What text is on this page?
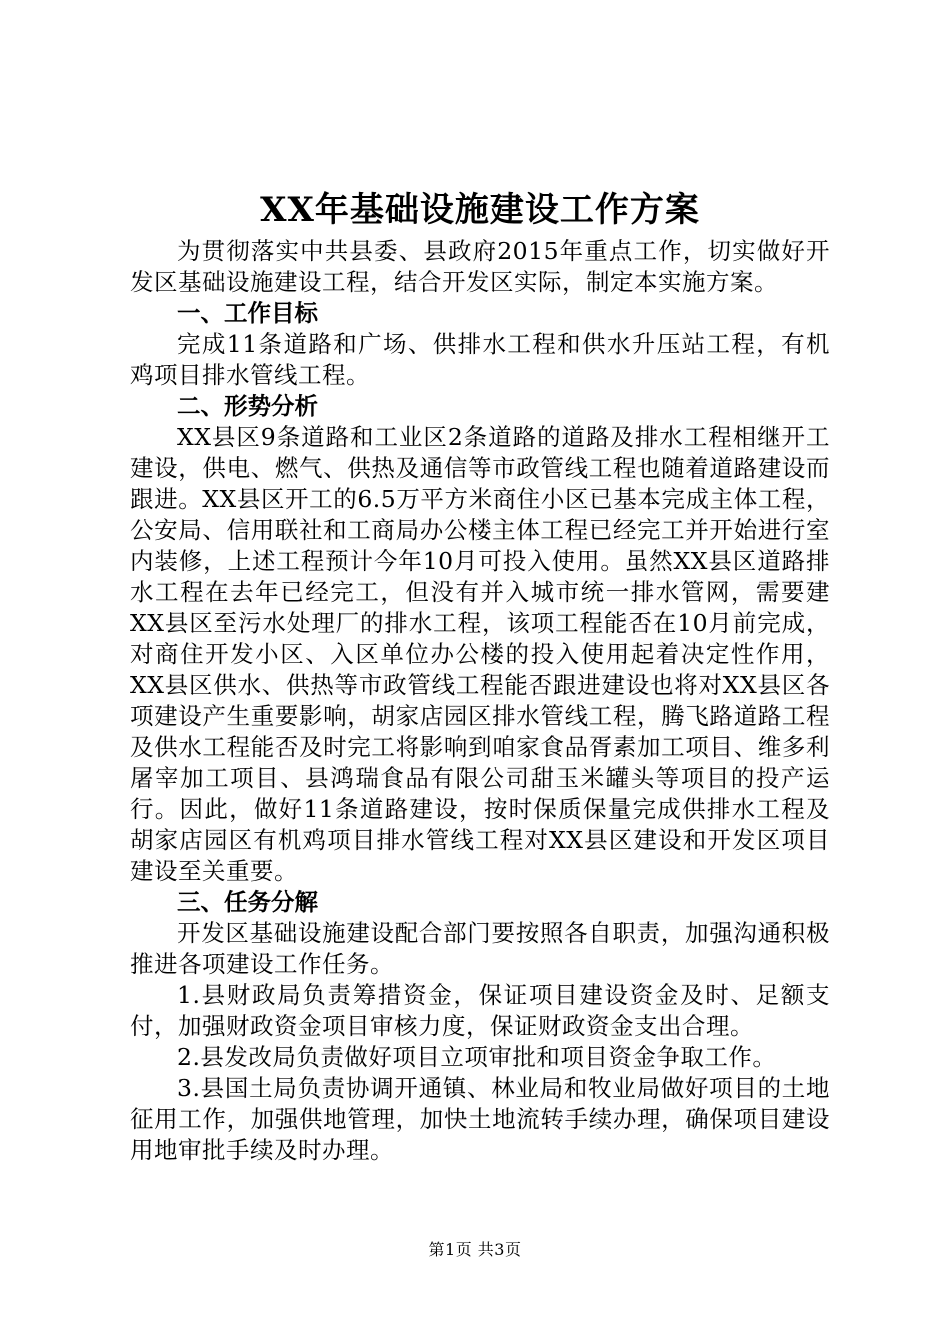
XX年基础设施建设工作方案

为贯彻落实中共县委、县政府2015年重点工作，切实做好开发区基础设施建设工程，结合开发区实际，制定本实施方案。

一、工作目标

完成11条道路和广场、供排水工程和供水升压站工程，有机鸡项目排水管线工程。

二、形势分析

XX县区9条道路和工业区2条道路的道路及排水工程相继开工建设，供电、燃气、供热及通信等市政管线工程也随着道路建设而跟进。XX县区开工的6.5万平方米商住小区已基本完成主体工程，公安局、信用联社和工商局办公楼主体工程已经完工并开始进行室内装修，上述工程预计今年10月可投入使用。虽然XX县区道路排水工程在去年已经完工，但没有并入城市统一排水管网，需要建XX县区至污水处理厂的排水工程，该项工程能否在10月前完成，对商住开发小区、入区单位办公楼的投入使用起着决定性作用，XX县区供水、供热等市政管线工程能否跟进建设也将对XX县区各项建设产生重要影响，胡家店园区排水管线工程，腾飞路道路工程及供水工程能否及时完工将影响到咱家食品胥素加工项目、维多利屠宰加工项目、县鸿瑞食品有限公司甜玉米罐头等项目的投产运行。因此，做好11条道路建设，按时保质保量完成供排水工程及胡家店园区有机鸡项目排水管线工程对XX县区建设和开发区项目建设至关重要。

三、任务分解

开发区基础设施建设配合部门要按照各自职责，加强沟通积极推进各项建设工作任务。

1.县财政局负责筹措资金，保证项目建设资金及时、足额支付，加强财政资金项目审核力度，保证财政资金支出合理。

2.县发改局负责做好项目立项审批和项目资金争取工作。

3.县国土局负责协调开通镇、林业局和牧业局做好项目的土地征用工作，加强供地管理，加快土地流转手续办理，确保项目建设用地审批手续及时办理。

第1页 共3页
